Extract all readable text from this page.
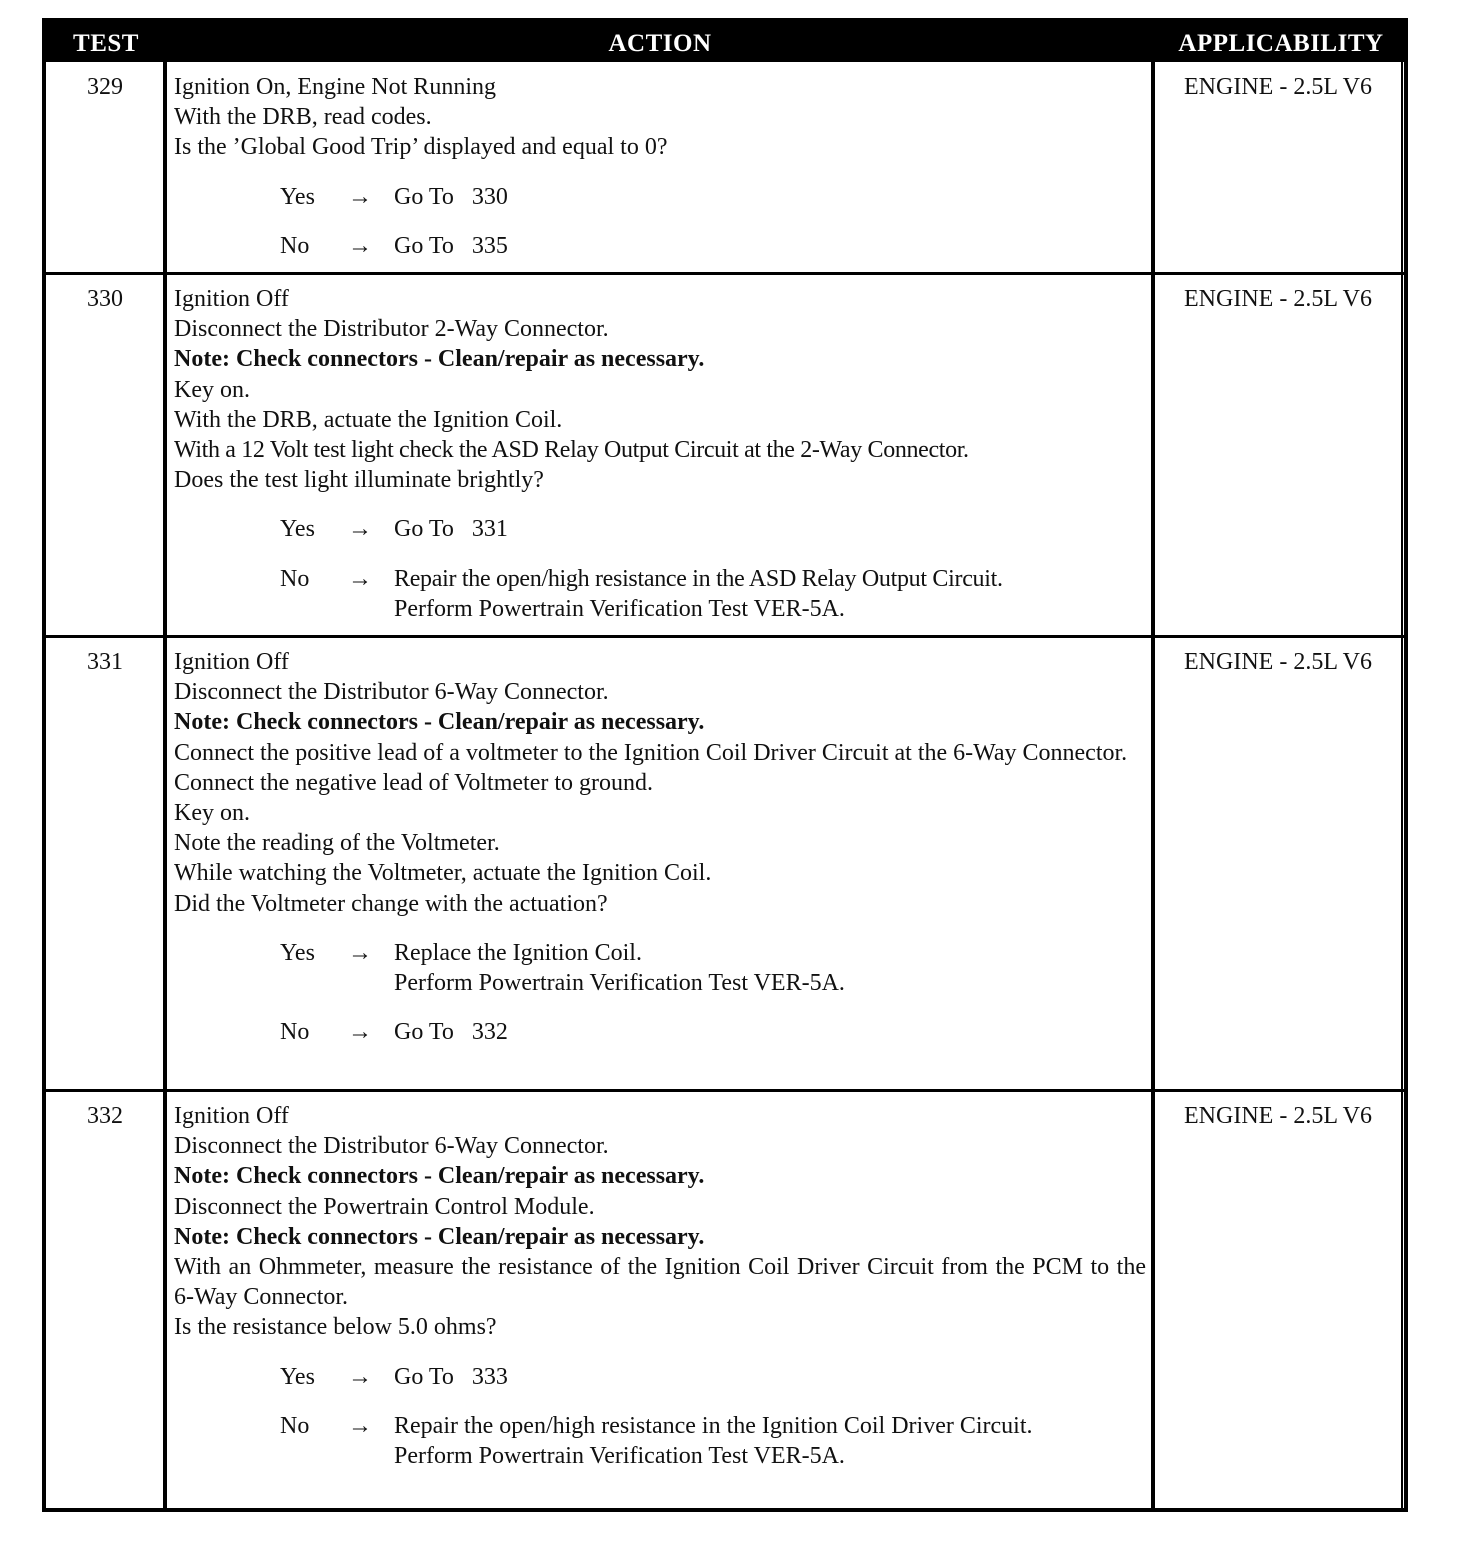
TEST	ACTION	APPLICABILITY
329	Ignition On, Engine Not Running
With the DRB, read codes.
Is the ’Global Good Trip’ displayed and equal to 0?
Yes	→ Go To   330
No	→ Go To   335
ENGINE - 2.5L V6
330	Ignition Off
Disconnect the Distributor 2-Way Connector.
Note: Check connectors - Clean/repair as necessary.
Key on.
With the DRB, actuate the Ignition Coil.
With a 12 Volt test light check the ASD Relay Output Circuit at the 2-Way Connector.
Does the test light illuminate brightly?
Yes	→ Go To   331
No	→ Repair the open/high resistance in the ASD Relay Output Circuit.
Perform Powertrain Verification Test VER-5A.
ENGINE - 2.5L V6
331	Ignition Off
Disconnect the Distributor 6-Way Connector.
Note: Check connectors - Clean/repair as necessary.
Connect the positive lead of a voltmeter to the Ignition Coil Driver Circuit at the 6-Way Connector.
Connect the negative lead of Voltmeter to ground.
Key on.
Note the reading of the Voltmeter.
While watching the Voltmeter, actuate the Ignition Coil.
Did the Voltmeter change with the actuation?
Yes	→ Replace the Ignition Coil.
Perform Powertrain Verification Test VER-5A.
No	→ Go To   332
ENGINE - 2.5L V6
332	Ignition Off
Disconnect the Distributor 6-Way Connector.
Note: Check connectors - Clean/repair as necessary.
Disconnect the Powertrain Control Module.
Note: Check connectors - Clean/repair as necessary.
With an Ohmmeter, measure the resistance of the Ignition Coil Driver Circuit from the PCM to the 6-Way Connector.
Is the resistance below 5.0 ohms?
Yes	→ Go To   333
No	→ Repair the open/high resistance in the Ignition Coil Driver Circuit.
Perform Powertrain Verification Test VER-5A.
ENGINE - 2.5L V6
